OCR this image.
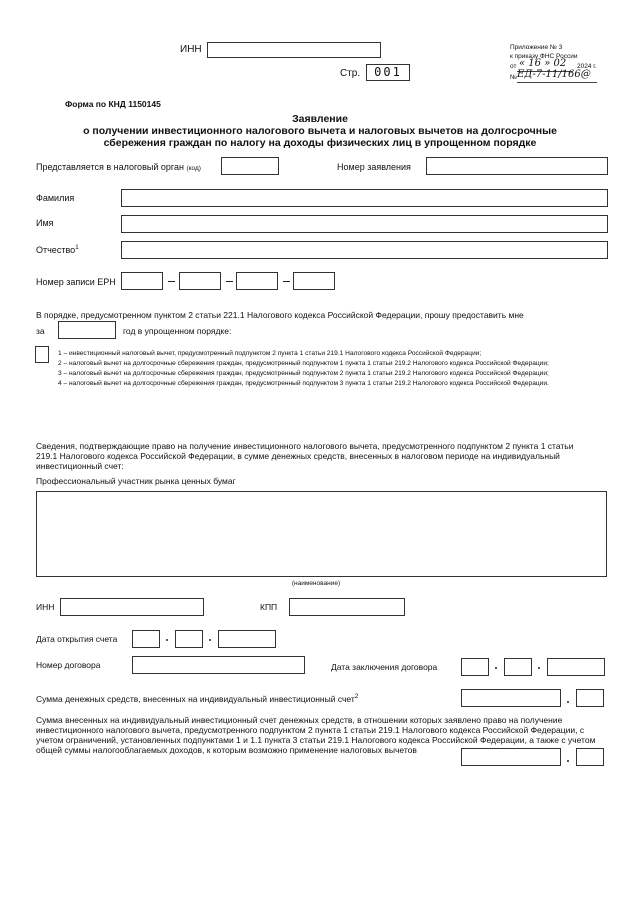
ИНН
Стр.	001
Приложение № 3
к приказу ФНС России
от « 16 » 02 2024 г.
№ ЕД-7-11/166@
Форма по КНД 1150145
Заявление
о получении инвестиционного налогового вычета и налоговых вычетов на долгосрочные
сбережения граждан по налогу на доходы физических лиц в упрощенном порядке
Представляется в налоговый орган (код)	Номер заявления
Фамилия
Имя
Отчество$^1$
Номер записи ЕРН
В порядке, предусмотренном пунктом 2 статьи 221.1 Налогового кодекса Российской Федерации, прошу предоставить мне
за	год в упрощенном порядке:
1 – инвестиционный налоговый вычет, предусмотренный подпунктом 2 пункта 1 статьи 219.1 Налогового кодекса Российской Федерации;
2 – налоговый вычет на долгосрочные сбережения граждан, предусмотренный подпунктом 1 пункта 1 статьи 219.2 Налогового кодекса Российской Федерации;
3 – налоговый вычет на долгосрочные сбережения граждан, предусмотренный подпунктом 2 пункта 1 статьи 219.2 Налогового кодекса Российской Федерации;
4 – налоговый вычет на долгосрочные сбережения граждан, предусмотренный подпунктом 3 пункта 1 статьи 219.2 Налогового кодекса Российской Федерации.
Сведения, подтверждающие право на получение инвестиционного налогового вычета, предусмотренного подпунктом 2 пункта 1 статьи 219.1 Налогового кодекса Российской Федерации, в сумме денежных средств, внесенных в налоговом периоде на индивидуальный инвестиционный счет:
Профессиональный участник рынка ценных бумаг
(наименование)
ИНН	КПП
Дата открытия счета
Номер договора	Дата заключения договора
Сумма денежных средств, внесенных на индивидуальный инвестиционный счет$^2$
Сумма внесенных на индивидуальный инвестиционный счет денежных средств, в отношении которых заявлено право на получение инвестиционного налогового вычета, предусмотренного подпунктом 2 пункта 1 статьи 219.1 Налогового кодекса Российской Федерации, с учетом ограничений, установленных подпунктами 1 и 1.1 пункта 3 статьи 219.1 Налогового кодекса Российской Федерации, а также с учетом общей суммы налогооблагаемых доходов, к которым возможно применение налоговых вычетов
